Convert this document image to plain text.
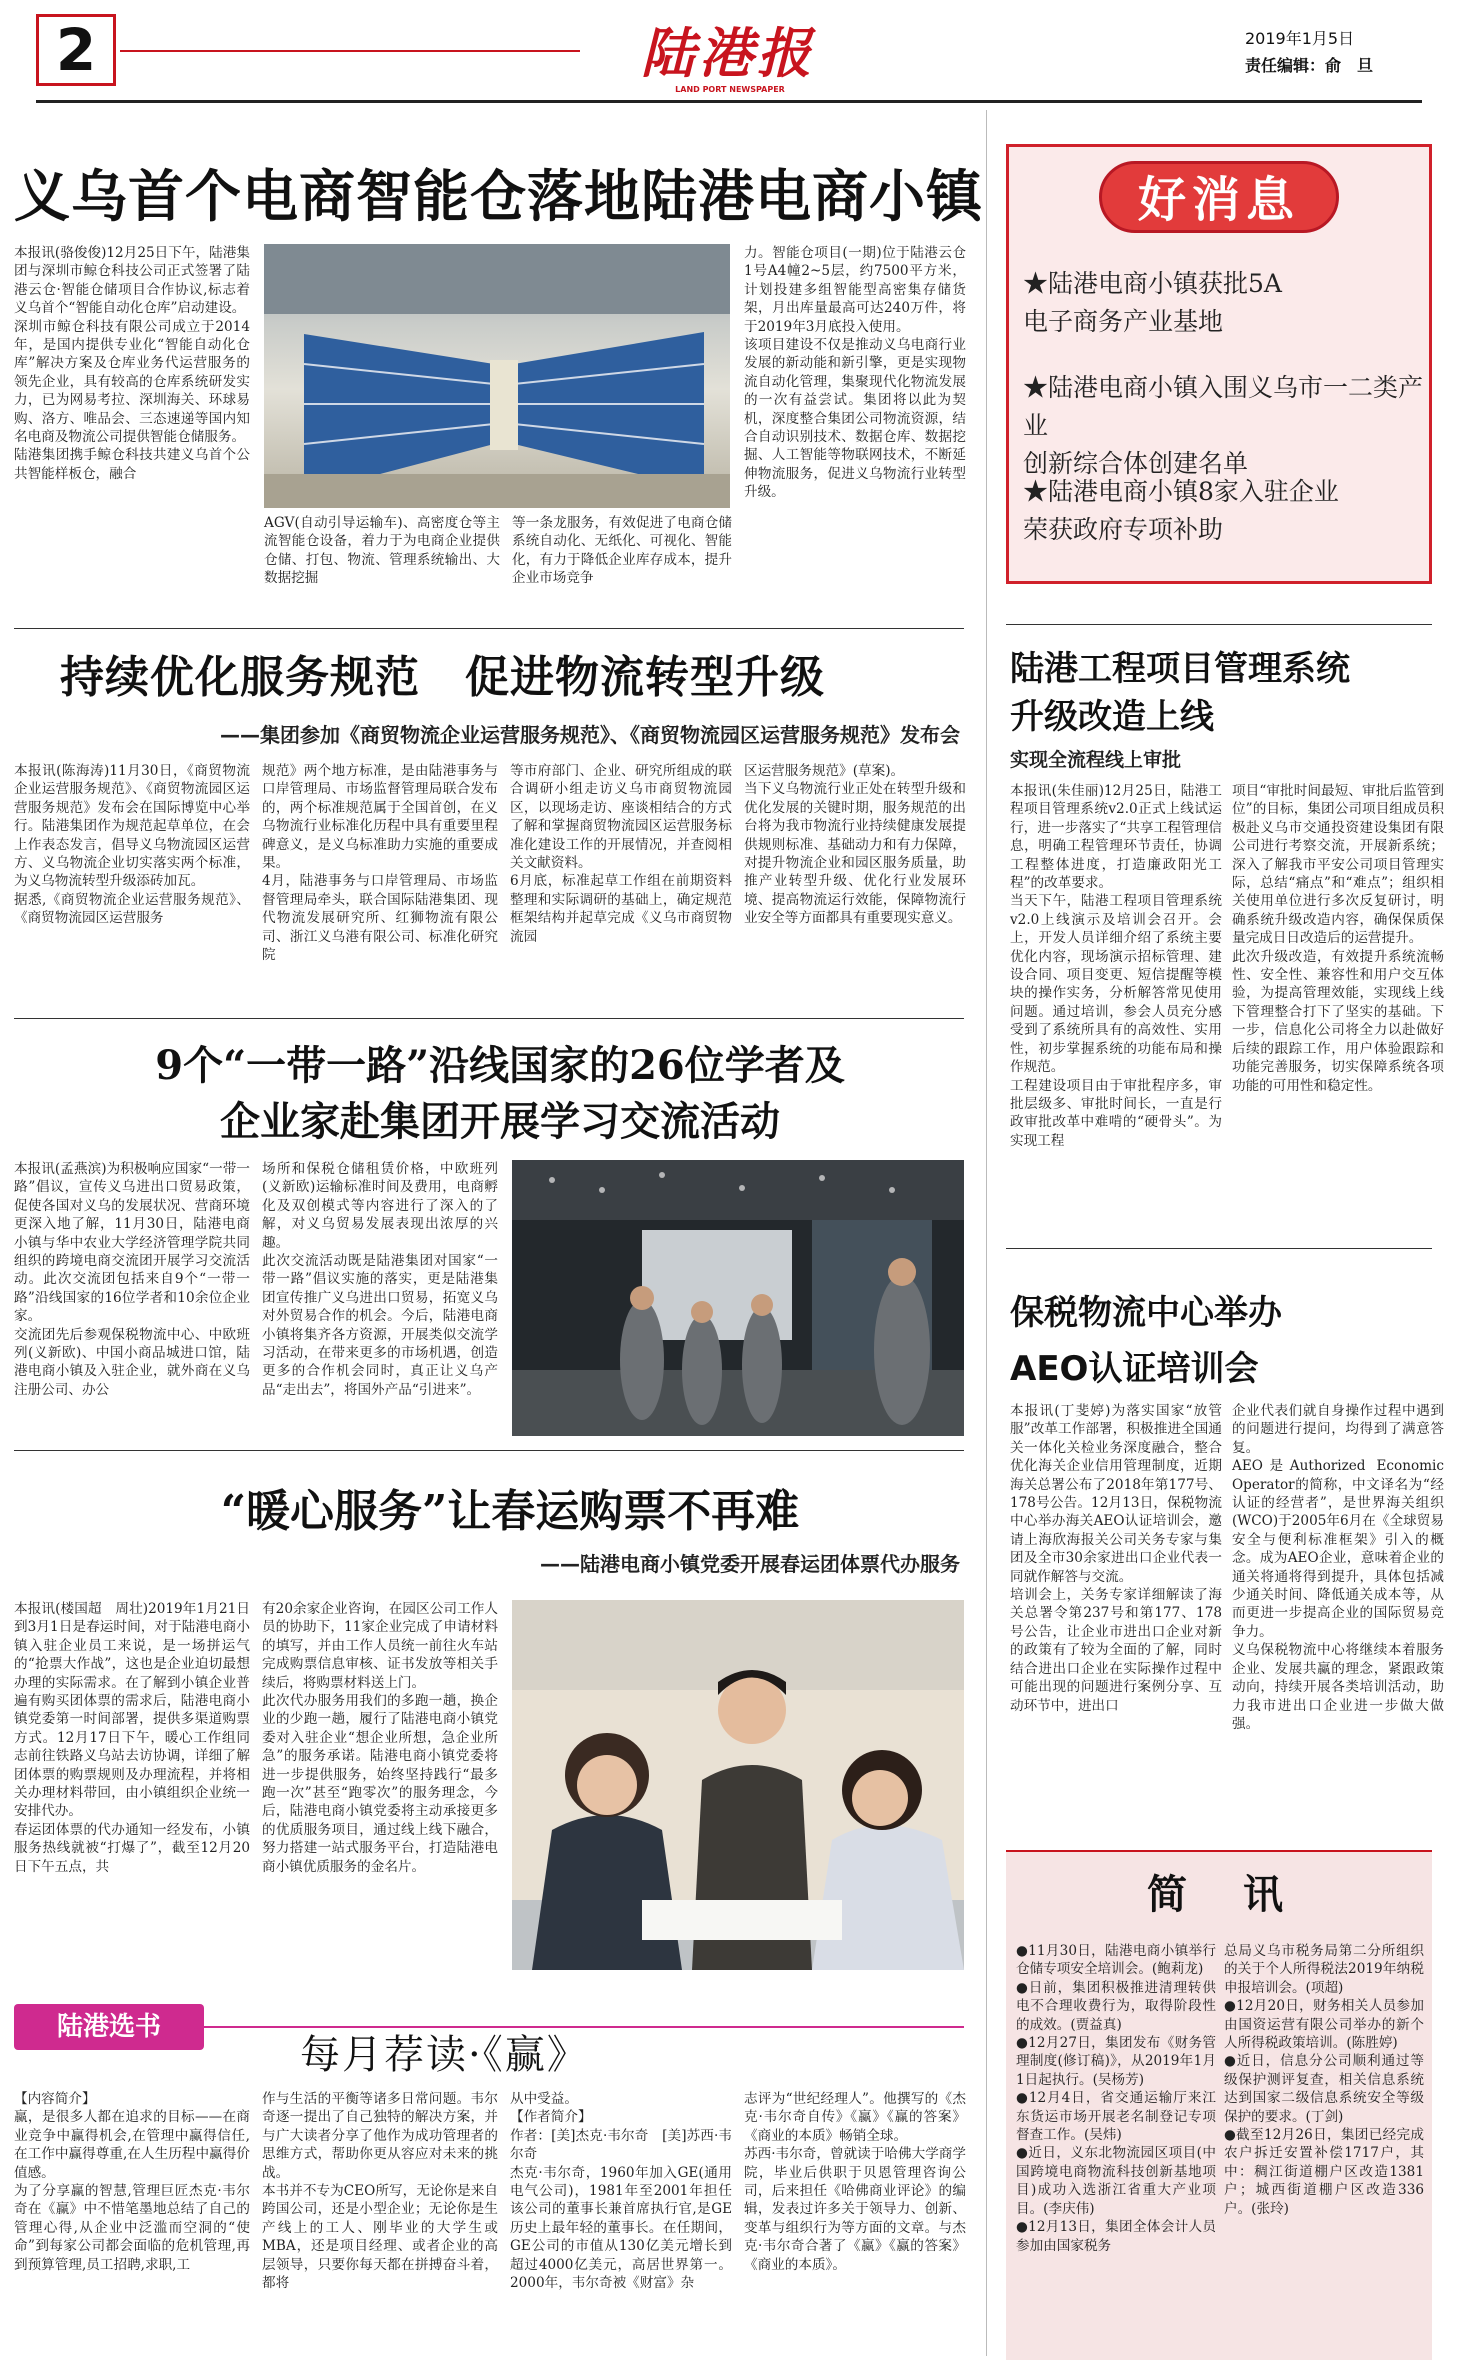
2	陆港报
LAND PORT NEWSPAPER
2019年1月5日
责任编辑：俞　旦
义乌首个电商智能仓落地陆港电商小镇
本报讯(骆俊俊)12月25日下午，陆港集团与深圳市鲸仓科技公司正式签署了陆港云仓·智能仓储项目合作协议,标志着义乌首个“智能自动化仓库”启动建设。
深圳市鲸仓科技有限公司成立于2014年，是国内提供专业化“智能自动化仓库”解决方案及仓库业务代运营服务的领先企业，具有较高的仓库系统研发实力，已为网易考拉、深圳海关、环球易购、洛方、唯品会、三态速递等国内知名电商及物流公司提供智能仓储服务。
陆港集团携手鲸仓科技共建义乌首个公共智能样板仓，融合
AGV(自动引导运输车)、高密度仓等主流智能仓设备，着力于为电商企业提供仓储、打包、物流、管理系统输出、大数据挖掘
等一条龙服务，有效促进了电商仓储系统自动化、无纸化、可视化、智能化，有力于降低企业库存成本，提升企业市场竞争
力。智能仓项目(一期)位于陆港云仓1号A4幢2~5层，约7500平方米，计划投建多组智能型高密集存储货架，月出库量最高可达240万件，将于2019年3月底投入使用。
该项目建设不仅是推动义乌电商行业发展的新动能和新引擎，更是实现物流自动化管理，集聚现代化物流发展的一次有益尝试。集团将以此为契机，深度整合集团公司物流资源，结合自动识别技术、数据仓库、数据挖掘、人工智能等物联网技术，不断延伸物流服务，促进义乌物流行业转型升级。
好消息
★陆港电商小镇获批5A
电子商务产业基地
★陆港电商小镇入围义乌市一二类产业
创新综合体创建名单
★陆港电商小镇8家入驻企业
荣获政府专项补助
持续优化服务规范　促进物流转型升级
——集团参加《商贸物流企业运营服务规范》、《商贸物流园区运营服务规范》发布会
本报讯(陈海涛)11月30日，《商贸物流企业运营服务规范》、《商贸物流园区运营服务规范》发布会在国际博览中心举行。陆港集团作为规范起草单位，在会上作表态发言，倡导义乌物流园区运营方、义乌物流企业切实落实两个标准，为义乌物流转型升级添砖加瓦。
据悉,《商贸物流企业运营服务规范》、《商贸物流园区运营服务
规范》两个地方标准，是由陆港事务与口岸管理局、市场监督管理局联合发布的，两个标准规范属于全国首创，在义乌物流行业标准化历程中具有重要里程碑意义，是义乌标准助力实施的重要成果。
4月，陆港事务与口岸管理局、市场监督管理局牵头，联合国际陆港集团、现代物流发展研究所、红狮物流有限公司、浙江义乌港有限公司、标准化研究院
等市府部门、企业、研究所组成的联合调研小组走访义乌市商贸物流园区，以现场走访、座谈相结合的方式了解和掌握商贸物流园区运营服务标准化建设工作的开展情况，并查阅相关文献资料。
6月底，标准起草工作组在前期资料整理和实际调研的基础上，确定规范框架结构并起草完成《义乌市商贸物流园
区运营服务规范》(草案)。
当下义乌物流行业正处在转型升级和优化发展的关键时期，服务规范的出台将为我市物流行业持续健康发展提供规则标准、基础动力和有力保障，对提升物流企业和园区服务质量，助推产业转型升级、优化行业发展环境、提高物流运行效能，保障物流行业安全等方面都具有重要现实意义。
9个“一带一路”沿线国家的26位学者及
企业家赴集团开展学习交流活动
本报讯(孟燕滨)为积极响应国家“一带一路”倡议，宣传义乌进出口贸易政策，促使各国对义乌的发展状况、营商环境更深入地了解，11月30日，陆港电商小镇与华中农业大学经济管理学院共同组织的跨境电商交流团开展学习交流活动。此次交流团包括来自9个“一带一路”沿线国家的16位学者和10余位企业家。
交流团先后参观保税物流中心、中欧班列(义新欧)、中国小商品城进口馆，陆港电商小镇及入驻企业，就外商在义乌注册公司、办公
场所和保税仓储租赁价格，中欧班列(义新欧)运输标准时间及费用，电商孵化及双创模式等内容进行了深入的了解，对义乌贸易发展表现出浓厚的兴趣。
此次交流活动既是陆港集团对国家“一带一路”倡议实施的落实，更是陆港集团宣传推广义乌进出口贸易，拓宽义乌对外贸易合作的机会。今后，陆港电商小镇将集齐各方资源，开展类似交流学习活动，在带来更多的市场机遇，创造更多的合作机会同时，真正让义乌产品“走出去”，将国外产品“引进来”。
“暖心服务”让春运购票不再难
——陆港电商小镇党委开展春运团体票代办服务
本报讯(楼国超　周壮)2019年1月21日到3月1日是春运时间，对于陆港电商小镇入驻企业员工来说，是一场拼运气的“抢票大作战”，这也是企业迫切最想办理的实际需求。在了解到小镇企业普遍有购买团体票的需求后，陆港电商小镇党委第一时间部署，提供多渠道购票方式。12月17日下午，暖心工作组同志前往铁路义乌站去访协调，详细了解团体票的购票规则及办理流程，并将相关办理材料带回，由小镇组织企业统一安排代办。
春运团体票的代办通知一经发布，小镇服务热线就被“打爆了”，截至12月20日下午五点，共
有20余家企业咨询，在园区公司工作人员的协助下，11家企业完成了申请材料的填写，并由工作人员统一前往火车站完成购票信息审核、证书发放等相关手续后，将购票材料送上门。
此次代办服务用我们的多跑一趟，换企业的少跑一趟，履行了陆港电商小镇党委对入驻企业“想企业所想，急企业所急”的服务承诺。陆港电商小镇党委将进一步提供服务，始终坚持践行“最多跑一次”甚至“跑零次”的服务理念，今后，陆港电商小镇党委将主动承接更多的优质服务项目，通过线上线下融合，努力搭建一站式服务平台，打造陆港电商小镇优质服务的金名片。
陆港选书
每月荐读·《赢》
【内容简介】
赢，是很多人都在追求的目标——在商业竞争中赢得机会,在管理中赢得信任,在工作中赢得尊重,在人生历程中赢得价值感。
为了分享赢的智慧,管理巨匠杰克·韦尔奇在《赢》中不惜笔墨地总结了自己的管理心得,从企业中泛滥而空洞的“使命”到每家公司都会面临的危机管理,再到预算管理,员工招聘,求职,工
作与生活的平衡等诸多日常问题。韦尔奇逐一提出了自己独特的解决方案，并与广大读者分享了他作为成功管理者的思维方式，帮助你更从容应对未来的挑战。
本书并不专为CEO所写，无论你是来自跨国公司，还是小型企业；无论你是生产线上的工人、刚毕业的大学生或MBA，还是项目经理、或者企业的高层领导，只要你每天都在拼搏奋斗着，都将
从中受益。
【作者简介】
作者：[美]杰克·韦尔奇　[美]苏西·韦尔奇
杰克·韦尔奇，1960年加入GE(通用电气公司)，1981年至2001年担任该公司的董事长兼首席执行官,是GE历史上最年轻的董事长。在任期间，GE公司的市值从130亿美元增长到超过4000亿美元，高居世界第一。2000年，韦尔奇被《财富》杂
志评为“世纪经理人”。他撰写的《杰克·韦尔奇自传》《赢》《赢的答案》《商业的本质》畅销全球。
苏西·韦尔奇，曾就读于哈佛大学商学院，毕业后供职于贝恩管理咨询公司，后来担任《哈佛商业评论》的编辑，发表过许多关于领导力、创新、变革与组织行为等方面的文章。与杰克·韦尔奇合著了《赢》《赢的答案》《商业的本质》。
陆港工程项目管理系统
升级改造上线
实现全流程线上审批
本报讯(朱佳丽)12月25日，陆港工程项目管理系统v2.0正式上线试运行，进一步落实了“共享工程管理信息，明确工程管理环节责任，协调工程整体进度，打造廉政阳光工程”的改革要求。
当天下午，陆港工程项目管理系统v2.0上线演示及培训会召开。会上，开发人员详细介绍了系统主要优化内容，现场演示招标管理、建设合同、项目变更、短信提醒等模块的操作实务，分析解答常见使用问题。通过培训，参会人员充分感受到了系统所具有的高效性、实用性，初步掌握系统的功能布局和操作规范。
工程建设项目由于审批程序多，审批层级多、审批时间长，一直是行政审批改革中难啃的“硬骨头”。为实现工程
项目“审批时间最短、审批后监管到位”的目标，集团公司项目组成员积极赴义乌市交通投资建设集团有限公司进行考察交流，开展新系统；深入了解我市平安公司项目管理实际，总结“痛点”和“难点”；组织相关使用单位进行多次反复研讨，明确系统升级改造内容，确保保质保量完成日日改造后的运营提升。
此次升级改造，有效提升系统流畅性、安全性、兼容性和用户交互体验，为提高管理效能，实现线上线下管理整合打下了坚实的基础。下一步，信息化公司将全力以赴做好后续的跟踪工作，用户体验跟踪和功能完善服务，切实保障系统各项功能的可用性和稳定性。
保税物流中心举办
AEO认证培训会
本报讯(丁斐婷)为落实国家“放管服”改革工作部署，积极推进全国通关一体化关检业务深度融合，整合优化海关企业信用管理制度，近期海关总署公布了2018年第177号、178号公告。12月13日，保税物流中心举办海关AEO认证培训会，邀请上海欣海报关公司关务专家与集团及全市30余家进出口企业代表一同就作解答与交流。
培训会上，关务专家详细解读了海关总署令第237号和第177、178号公告，让企业市进出口企业对新的政策有了较为全面的了解，同时结合进出口企业在实际操作过程中可能出现的问题进行案例分享、互动环节中，进出口
企业代表们就自身操作过程中遇到的问题进行提问，均得到了满意答复。
AEO是Authorized Economic Operator的简称，中文译名为“经认证的经营者”，是世界海关组织(WCO)于2005年6月在《全球贸易安全与便利标准框架》引入的概念。成为AEO企业，意味着企业的通关将通将得到提升，具体包括减少通关时间、降低通关成本等，从而更进一步提高企业的国际贸易竞争力。
义乌保税物流中心将继续本着服务企业、发展共赢的理念，紧跟政策动向，持续开展各类培训活动，助力我市进出口企业进一步做大做强。
简　讯
●11月30日，陆港电商小镇举行仓储专项安全培训会。(鲍莉龙)
●日前，集团积极推进清理转供电不合理收费行为，取得阶段性的成效。(贾益真)
●12月27日，集团发布《财务管理制度(修订稿)》，从2019年1月1日起执行。(吴杨芳)
●12月4日，省交通运输厅来江东货运市场开展老名制登记专项督查工作。(吴炜)
●近日，义东北物流园区项目(中国跨境电商物流科技创新基地项目)成功入选浙江省重大产业项目。(李庆伟)
●12月13日，集团全体会计人员参加由国家税务
总局义乌市税务局第二分所组织的关于个人所得税法2019年纳税申报培训会。(项超)
●12月20日，财务相关人员参加由国资运营有限公司举办的新个人所得税政策培训。(陈胜婷)
●近日，信息分公司顺利通过等级保护测评复查，相关信息系统达到国家二级信息系统安全等级保护的要求。(丁剑)
●截至12月26日，集团已经完成农户拆迁安置补偿1717户，其中：稠江街道棚户区改造1381户；城西街道棚户区改造336户。(张玲)
